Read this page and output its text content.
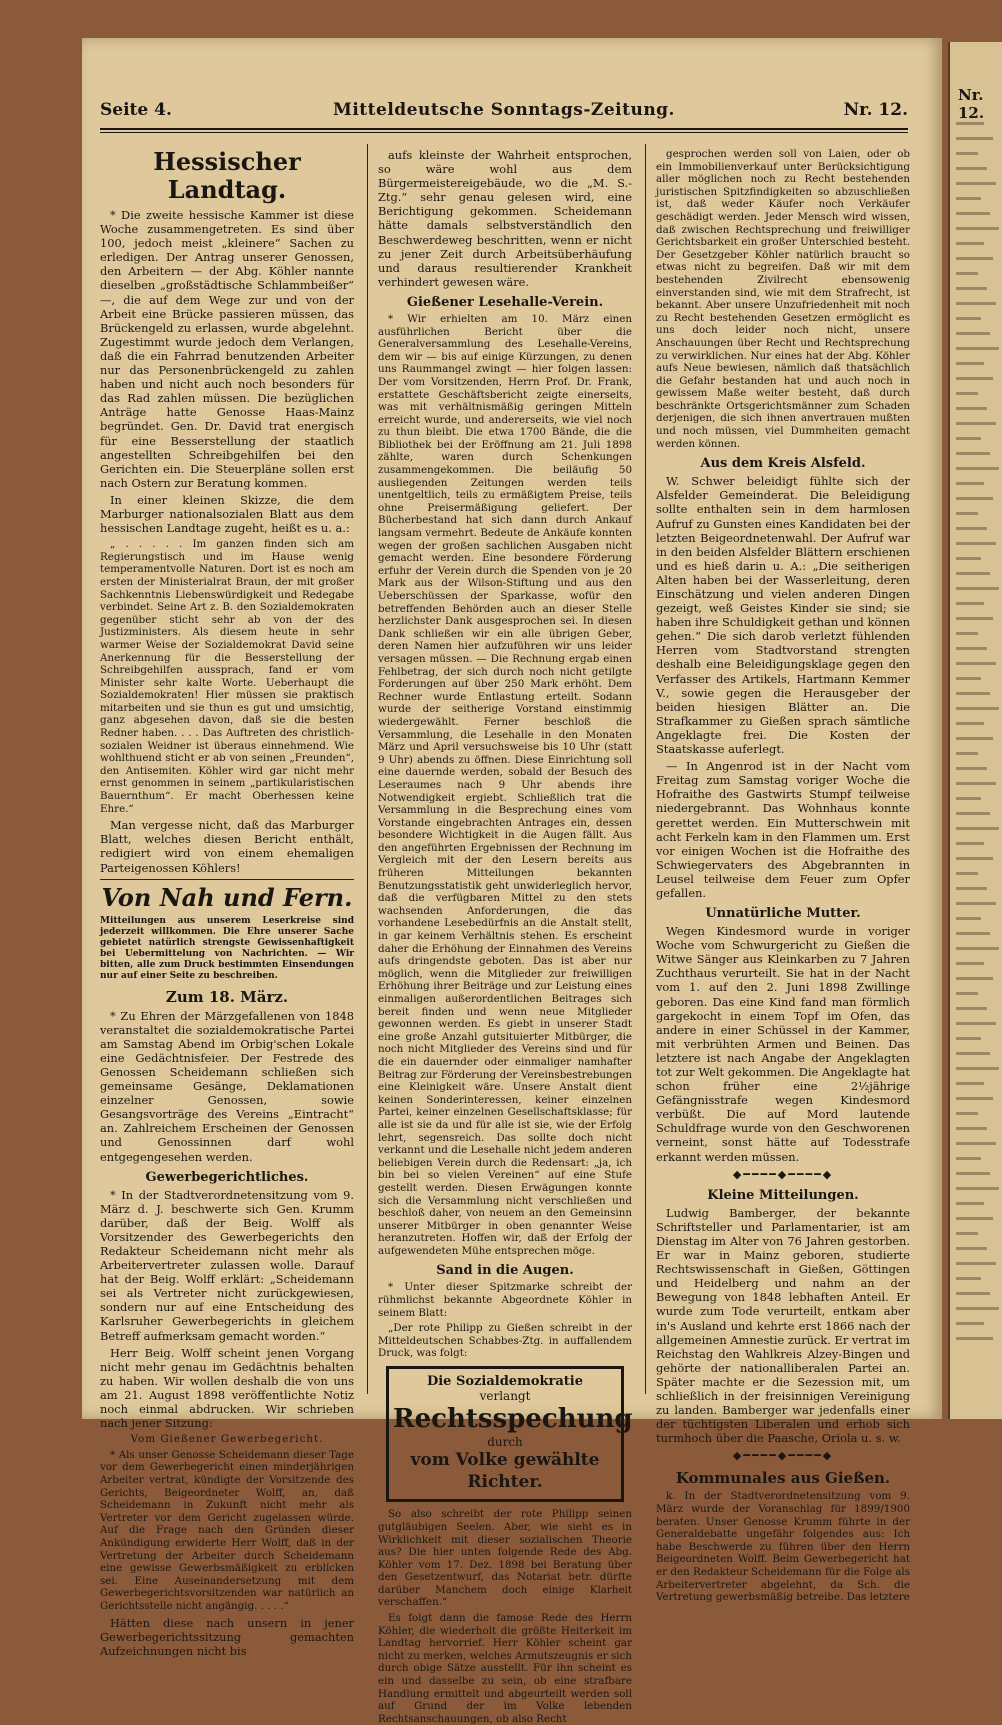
Seite 4.	Mitteldeutsche Sonntags-Zeitung.	Nr. 12.
Hessischer Landtag.

* Die zweite hessische Kammer ist diese Woche zusammengetreten. Es sind über 100, jedoch meist „kleinere“ Sachen zu erledigen. Der Antrag unserer Genossen, den Arbeitern — der Abg. Köhler nannte dieselben „großstädtische Schlammbeißer“ —, die auf dem Wege zur und von der Arbeit eine Brücke passieren müssen, das Brückengeld zu erlassen, wurde abgelehnt. Zugestimmt wurde jedoch dem Verlangen, daß die ein Fahrrad benutzenden Arbeiter nur das Personenbrückengeld zu zahlen haben und nicht auch noch besonders für das Rad zahlen müssen. Die bezüglichen Anträge hatte Genosse Haas-Mainz begründet. Gen. Dr. David trat energisch für eine Besserstellung der staatlich angestellten Schreibgehilfen bei den Gerichten ein. Die Steuerpläne sollen erst nach Ostern zur Beratung kommen.

In einer kleinen Skizze, die dem Marburger nationalsozialen Blatt aus dem hessischen Landtage zugeht, heißt es u. a.:

„ . . . . . Im ganzen finden sich am Regierungstisch und im Hause wenig temperamentvolle Naturen. Dort ist es noch am ersten der Ministerialrat Braun, der mit großer Sachkenntnis Liebenswürdigkeit und Redegabe verbindet. Seine Art z. B. den Sozialdemokraten gegenüber sticht sehr ab von der des Justizministers. Als diesem heute in sehr warmer Weise der Sozialdemokrat David seine Anerkennung für die Besserstellung der Schreibgehilfen aussprach, fand er vom Minister sehr kalte Worte. Ueberhaupt die Sozialdemokraten! Hier müssen sie praktisch mitarbeiten und sie thun es gut und umsichtig, ganz abgesehen davon, daß sie die besten Redner haben. . . . Das Auftreten des christlich-sozialen Weidner ist überaus einnehmend. Wie wohlthuend sticht er ab von seinen „Freunden“, den Antisemiten. Köhler wird gar nicht mehr ernst genommen in seinem „partikularistischen Bauernthum“. Er macht Oberhessen keine Ehre.“

Man vergesse nicht, daß das Marburger Blatt, welches diesen Bericht enthält, redigiert wird von einem ehemaligen Parteigenossen Köhlers!

Von Nah und Fern.

Mitteilungen aus unserem Leserkreise sind jederzeit willkommen. Die Ehre unserer Sache gebietet natürlich strengste Gewissenhaftigkeit bei Uebermittelung von Nachrichten. — Wir bitten, alle zum Druck bestimmten Einsendungen nur auf einer Seite zu beschreiben.

Zum 18. März.

* Zu Ehren der Märzgefallenen von 1848 veranstaltet die sozialdemokratische Partei am Samstag Abend im Orbig'schen Lokale eine Gedächtnisfeier. Der Festrede des Genossen Scheidemann schließen sich gemeinsame Gesänge, Deklamationen einzelner Genossen, sowie Gesangsvorträge des Vereins „Eintracht“ an. Zahlreichem Erscheinen der Genossen und Genossinnen darf wohl entgegengesehen werden.

Gewerbegerichtliches.

* In der Stadtverordnetensitzung vom 9. März d. J. beschwerte sich Gen. Krumm darüber, daß der Beig. Wolff als Vorsitzender des Gewerbegerichts den Redakteur Scheidemann nicht mehr als Arbeitervertreter zulassen wolle. Darauf hat der Beig. Wolff erklärt: „Scheidemann sei als Vertreter nicht zurückgewiesen, sondern nur auf eine Entscheidung des Karlsruher Gewerbegerichts in gleichem Betreff aufmerksam gemacht worden.“

Herr Beig. Wolff scheint jenen Vorgang nicht mehr genau im Gedächtnis behalten zu haben. Wir wollen deshalb die von uns am 21. August 1898 veröffentlichte Notiz noch einmal abdrucken. Wir schrieben nach jener Sitzung:

Vom Gießener Gewerbegericht.

* Als unser Genosse Scheidemann dieser Tage vor dem Gewerbegericht einen minderjährigen Arbeiter vertrat, kündigte der Vorsitzende des Gerichts, Beigeordneter Wolff, an, daß Scheidemann in Zukunft nicht mehr als Vertreter vor dem Gericht zugelassen würde. Auf die Frage nach den Gründen dieser Ankündigung erwiderte Herr Wolff, daß in der Vertretung der Arbeiter durch Scheidemann eine gewisse Gewerbsmäßigkeit zu erblicken sei. Eine Auseinandersetzung mit dem Gewerbegerichtsvorsitzenden war natürlich an Gerichtsstelle nicht angängig. . . . .“

Hätten diese nach unsern in jener Gewerbegerichtssitzung gemachten Aufzeichnungen nicht bis

aufs kleinste der Wahrheit entsprochen, so wäre wohl aus dem Bürgermeistereigebäude, wo die „M. S.-Ztg.“ sehr genau gelesen wird, eine Berichtigung gekommen. Scheidemann hätte damals selbstverständlich den Beschwerdeweg beschritten, wenn er nicht zu jener Zeit durch Arbeitsüberhäufung und daraus resultierender Krankheit verhindert gewesen wäre.

Gießener Lesehalle-Verein.

* Wir erhielten am 10. März einen ausführlichen Bericht über die Generalversammlung des Lesehalle-Vereins, dem wir — bis auf einige Kürzungen, zu denen uns Raummangel zwingt — hier folgen lassen: Der vom Vorsitzenden, Herrn Prof. Dr. Frank, erstattete Geschäftsbericht zeigte einerseits, was mit verhältnismäßig geringen Mitteln erreicht wurde, und andererseits, wie viel noch zu thun bleibt. Die etwa 1700 Bände, die die Bibliothek bei der Eröffnung am 21. Juli 1898 zählte, waren durch Schenkungen zusammengekommen. Die beiläufig 50 ausliegenden Zeitungen werden teils unentgeltlich, teils zu ermäßigtem Preise, teils ohne Preisermäßigung geliefert. Der Bücherbestand hat sich dann durch Ankauf langsam vermehrt. Bedeute de Ankäufe konnten wegen der großen sachlichen Ausgaben nicht gemacht werden. Eine besondere Förderung erfuhr der Verein durch die Spenden von je 20 Mark aus der Wilson-Stiftung und aus den Ueberschüssen der Sparkasse, wofür den betreffenden Behörden auch an dieser Stelle herzlichster Dank ausgesprochen sei. In diesen Dank schließen wir ein alle übrigen Geber, deren Namen hier aufzuführen wir uns leider versagen müssen. — Die Rechnung ergab einen Fehlbetrag, der sich durch noch nicht getilgte Forderungen auf über 250 Mark erhöht. Dem Rechner wurde Entlastung erteilt. Sodann wurde der seitherige Vorstand einstimmig wiedergewählt. Ferner beschloß die Versammlung, die Lesehalle in den Monaten März und April versuchsweise bis 10 Uhr (statt 9 Uhr) abends zu öffnen. Diese Einrichtung soll eine dauernde werden, sobald der Besuch des Leseraumes nach 9 Uhr abends ihre Notwendigkeit ergiebt. Schließlich trat die Versammlung in die Besprechung eines vom Vorstande eingebrachten Antrages ein, dessen besondere Wichtigkeit in die Augen fällt. Aus den angeführten Ergebnissen der Rechnung im Vergleich mit der den Lesern bereits aus früheren Mitteilungen bekannten Benutzungsstatistik geht unwiderleglich hervor, daß die verfügbaren Mittel zu den stets wachsenden Anforderungen, die das vorhandene Lesebedürfnis an die Anstalt stellt, in gar keinem Verhältnis stehen. Es erscheint daher die Erhöhung der Einnahmen des Vereins aufs dringendste geboten. Das ist aber nur möglich, wenn die Mitglieder zur freiwilligen Erhöhung ihrer Beiträge und zur Leistung eines einmaligen außerordentlichen Beitrages sich bereit finden und wenn neue Mitglieder gewonnen werden. Es giebt in unserer Stadt eine große Anzahl gutsituierter Mitbürger, die noch nicht Mitglieder des Vereins sind und für die ein dauernder oder einmaliger namhafter Beitrag zur Förderung der Vereinsbestrebungen eine Kleinigkeit wäre. Unsere Anstalt dient keinen Sonderinteressen, keiner einzelnen Partei, keiner einzelnen Gesellschaftsklasse; für alle ist sie da und für alle ist sie, wie der Erfolg lehrt, segensreich. Das sollte doch nicht verkannt und die Lesehalle nicht jedem anderen beliebigen Verein durch die Redensart: „ja, ich bin bei so vielen Vereinen“ auf eine Stufe gestellt werden. Diesen Erwägungen konnte sich die Versammlung nicht verschließen und beschloß daher, von neuem an den Gemeinsinn unserer Mitbürger in oben genannter Weise heranzutreten. Hoffen wir, daß der Erfolg der aufgewendeten Mühe entsprechen möge.

Sand in die Augen.

* Unter dieser Spitzmarke schreibt der rühmlichst bekannte Abgeordnete Köhler in seinem Blatt:

„Der rote Philipp zu Gießen schreibt in der Mitteldeutschen Schabbes-Ztg. in auffallendem Druck, was folgt:

Die Sozialdemokratie
verlangt
Rechtsspechung
durch
vom Volke gewählte Richter.

So also schreibt der rote Philipp seinen gutgläubigen Seelen. Aber, wie sieht es in Wirklichkeit mit dieser sozialischen Theorie aus? Die hier unten folgende Rede des Abg. Köhler vom 17. Dez. 1898 bei Beratung über den Gesetzentwurf, das Notariat betr. dürfte darüber Manchem doch einige Klarheit verschaffen.“

Es folgt dann die famose Rede des Herrn Köhler, die wiederholt die größte Heiterkeit im Landtag hervorrief. Herr Köhler scheint gar nicht zu merken, welches Armutszeugnis er sich durch obige Sätze ausstellt. Für ihn scheint es ein und dasselbe zu sein, ob eine strafbare Handlung ermittelt und abgeurteilt werden soll auf Grund der im Volke lebenden Rechtsanschauungen, ob also Recht

gesprochen werden soll von Laien, oder ob ein Immobilienverkauf unter Berücksichtigung aller möglichen noch zu Recht bestehenden juristischen Spitzfindigkeiten so abzuschließen ist, daß weder Käufer noch Verkäufer geschädigt werden. Jeder Mensch wird wissen, daß zwischen Rechtsprechung und freiwilliger Gerichtsbarkeit ein großer Unterschied besteht. Der Gesetzgeber Köhler natürlich braucht so etwas nicht zu begreifen. Daß wir mit dem bestehenden Zivilrecht ebensowenig einverstanden sind, wie mit dem Strafrecht, ist bekannt. Aber unsere Unzufriedenheit mit noch zu Recht bestehenden Gesetzen ermöglicht es uns doch leider noch nicht, unsere Anschauungen über Recht und Rechtsprechung zu verwirklichen. Nur eines hat der Abg. Köhler aufs Neue bewiesen, nämlich daß thatsächlich die Gefahr bestanden hat und auch noch in gewissem Maße weiter besteht, daß durch beschränkte Ortsgerichtsmänner zum Schaden derjenigen, die sich ihnen anvertrauen mußten und noch müssen, viel Dummheiten gemacht werden können.

Aus dem Kreis Alsfeld.

W. Schwer beleidigt fühlte sich der Alsfelder Gemeinderat. Die Beleidigung sollte enthalten sein in dem harmlosen Aufruf zu Gunsten eines Kandidaten bei der letzten Beigeordnetenwahl. Der Aufruf war in den beiden Alsfelder Blättern erschienen und es hieß darin u. A.: „Die seitherigen Alten haben bei der Wasserleitung, deren Einschätzung und vielen anderen Dingen gezeigt, weß Geistes Kinder sie sind; sie haben ihre Schuldigkeit gethan und können gehen.“ Die sich darob verletzt fühlenden Herren vom Stadtvorstand strengten deshalb eine Beleidigungsklage gegen den Verfasser des Artikels, Hartmann Kemmer V., sowie gegen die Herausgeber der beiden hiesigen Blätter an. Die Strafkammer zu Gießen sprach sämtliche Angeklagte frei. Die Kosten der Staatskasse auferlegt.

— In Angenrod ist in der Nacht vom Freitag zum Samstag voriger Woche die Hofraithe des Gastwirts Stumpf teilweise niedergebrannt. Das Wohnhaus konnte gerettet werden. Ein Mutterschwein mit acht Ferkeln kam in den Flammen um. Erst vor einigen Wochen ist die Hofraithe des Schwiegervaters des Abgebrannten in Leusel teilweise dem Feuer zum Opfer gefallen.

Unnatürliche Mutter.

Wegen Kindesmord wurde in voriger Woche vom Schwurgericht zu Gießen die Witwe Sänger aus Kleinkarben zu 7 Jahren Zuchthaus verurteilt. Sie hat in der Nacht vom 1. auf den 2. Juni 1898 Zwillinge geboren. Das eine Kind fand man förmlich gargekocht in einem Topf im Ofen, das andere in einer Schüssel in der Kammer, mit verbrühten Armen und Beinen. Das letztere ist nach Angabe der Angeklagten tot zur Welt gekommen. Die Angeklagte hat schon früher eine 2½jährige Gefängnisstrafe wegen Kindesmord verbüßt. Die auf Mord lautende Schuldfrage wurde von den Geschworenen verneint, sonst hätte auf Todesstrafe erkannt werden müssen.

◆━━━━◆━━━━◆
Kleine Mitteilungen.

Ludwig Bamberger, der bekannte Schriftsteller und Parlamentarier, ist am Dienstag im Alter von 76 Jahren gestorben. Er war in Mainz geboren, studierte Rechtswissenschaft in Gießen, Göttingen und Heidelberg und nahm an der Bewegung von 1848 lebhaften Anteil. Er wurde zum Tode verurteilt, entkam aber in's Ausland und kehrte erst 1866 nach der allgemeinen Amnestie zurück. Er vertrat im Reichstag den Wahlkreis Alzey-Bingen und gehörte der nationalliberalen Partei an. Später machte er die Sezession mit, um schließlich in der freisinnigen Vereinigung zu landen. Bamberger war jedenfalls einer der tüchtigsten Liberalen und erhob sich turmhoch über die Paasche, Oriola u. s. w.

◆━━━━◆━━━━◆
Kommunales aus Gießen.

k. In der Stadtverordnetensitzung vom 9. März wurde der Voranschlag für 1899/1900 beraten. Unser Genosse Krumm führte in der Generaldebatte ungefähr folgendes aus: Ich habe Beschwerde zu führen über den Herrn Beigeordneten Wolff. Beim Gewerbegericht hat er den Redakteur Scheidemann für die Folge als Arbeitervertreter abgelehnt, da Sch. die Vertretung gewerbsmäßig betreibe. Das letztere

Nr. 12.
